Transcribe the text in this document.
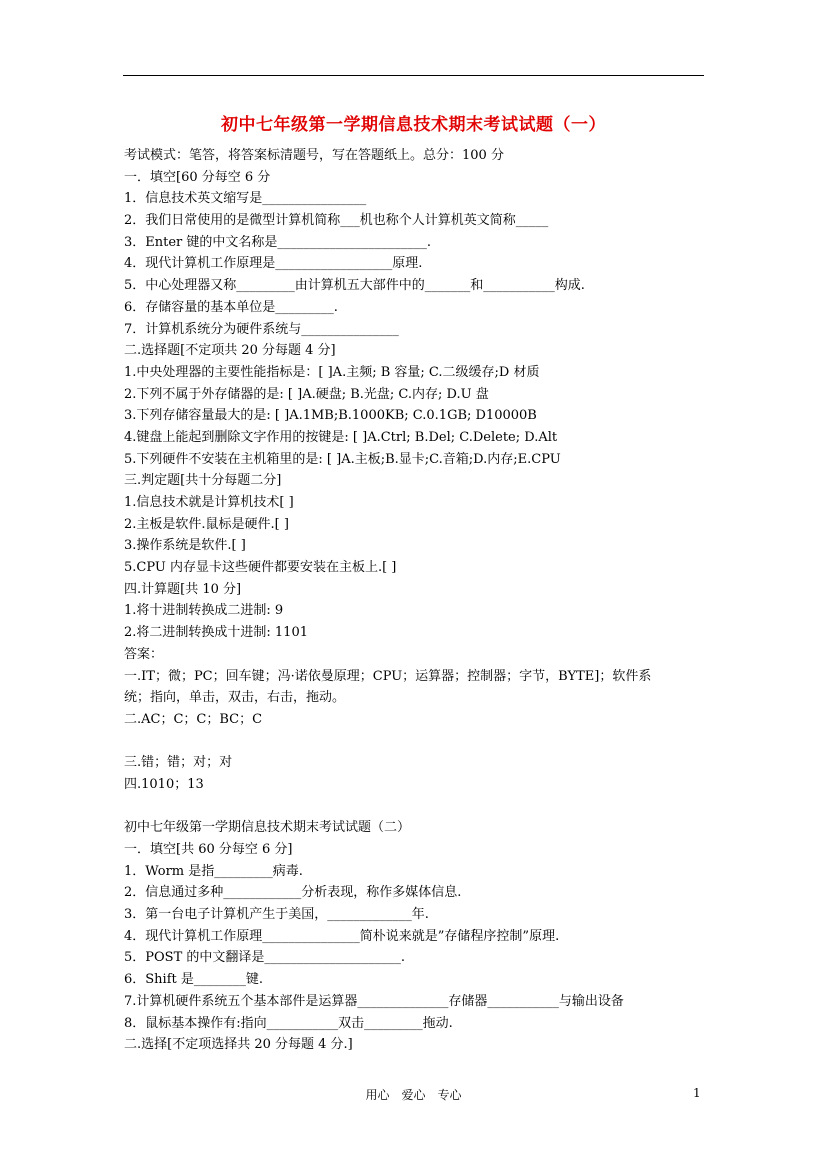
初中七年级第一学期信息技术期末考试试题（一）
考试模式：笔答，将答案标清题号，写在答题纸上。总分：100 分
一．填空[60 分每空 6 分
1．信息技术英文缩写是________________
2．我们日常使用的是微型计算机简称___机也称个人计算机英文简称_____
3．Enter 键的中文名称是_______________________.
4．现代计算机工作原理是__________________原理.
5．中心处理器又称_________由计算机五大部件中的_______和___________构成.
6．存储容量的基本单位是_________.
7．计算机系统分为硬件系统与_______________
二.选择题[不定项共 20 分每题 4 分]
1.中央处理器的主要性能指标是：[ ]A.主频; B 容量; C.二级缓存;D 材质
2.下列不属于外存储器的是: [ ]A.硬盘; B.光盘; C.内存; D.U 盘
3.下列存储容量最大的是: [ ]A.1MB;B.1000KB; C.0.1GB; D10000B
4.键盘上能起到删除文字作用的按键是: [ ]A.Ctrl; B.Del; C.Delete; D.Alt
5.下列硬件不安装在主机箱里的是: [ ]A.主板;B.显卡;C.音箱;D.内存;E.CPU
三.判定题[共十分每题二分]
1.信息技术就是计算机技术[ ]
2.主板是软件.鼠标是硬件.[ ]
3.操作系统是软件.[ ]
5.CPU 内存显卡这些硬件都要安装在主板上.[ ]
四.计算题[共 10 分]
1.将十进制转换成二进制: 9
2.将二进制转换成十进制: 1101
答案：
一.IT；微；PC；回车键；冯·诺依曼原理；CPU；运算器；控制器；字节，BYTE]；软件系
统；指向，单击，双击，右击，拖动。
二.AC；C；C；BC；C
三.错；错；对；对
四.1010；13
初中七年级第一学期信息技术期末考试试题（二）
一．填空[共 60 分每空 6 分]
1．Worm 是指_________病毒.
2．信息通过多种____________分析表现，称作多媒体信息.
3．第一台电子计算机产生于美国，_____________年.
4．现代计算机工作原理_______________简朴说来就是”存储程序控制”原理.
5．POST 的中文翻译是_____________________.
6．Shift 是________键.
7.计算机硬件系统五个基本部件是运算器______________存储器___________与输出设备
8．鼠标基本操作有:指向___________双击_________拖动.
二.选择[不定项选择共 20 分每题 4 分.]
用心　爱心　专心	1
